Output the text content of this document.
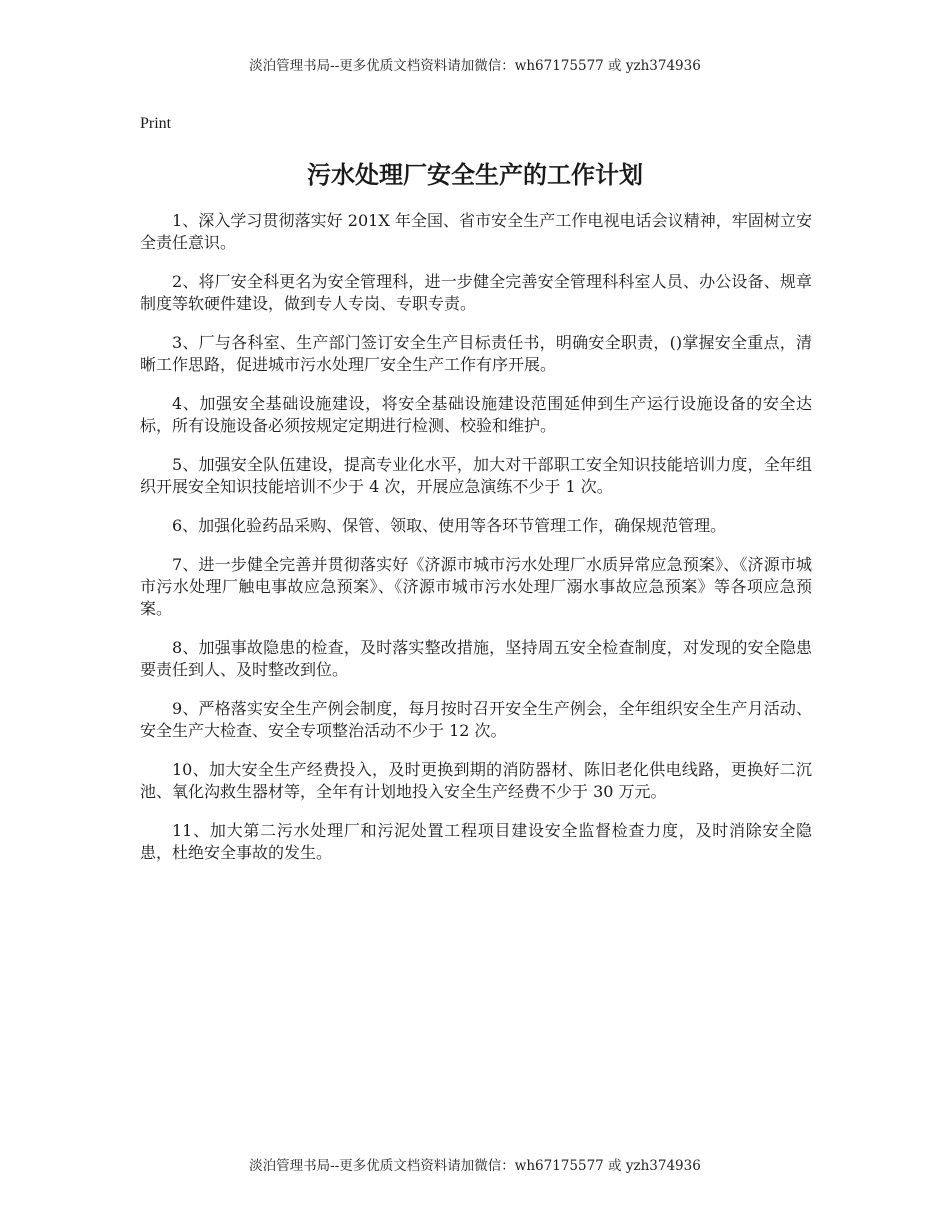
淡泊管理书局--更多优质文档资料请加微信：wh67175577 或 yzh374936
Print
污水处理厂安全生产的工作计划

1、深入学习贯彻落实好 201X 年全国、省市安全生产工作电视电话会议精神，牢固树立安全责任意识。

2、将厂安全科更名为安全管理科，进一步健全完善安全管理科科室人员、办公设备、规章制度等软硬件建设，做到专人专岗、专职专责。

3、厂与各科室、生产部门签订安全生产目标责任书，明确安全职责，()掌握安全重点，清晰工作思路，促进城市污水处理厂安全生产工作有序开展。

4、加强安全基础设施建设，将安全基础设施建设范围延伸到生产运行设施设备的安全达标，所有设施设备必须按规定定期进行检测、校验和维护。

5、加强安全队伍建设，提高专业化水平，加大对干部职工安全知识技能培训力度，全年组织开展安全知识技能培训不少于 4 次，开展应急演练不少于 1 次。

6、加强化验药品采购、保管、领取、使用等各环节管理工作，确保规范管理。

7、进一步健全完善并贯彻落实好《济源市城市污水处理厂水质异常应急预案》、《济源市城市污水处理厂触电事故应急预案》、《济源市城市污水处理厂溺水事故应急预案》等各项应急预案。

8、加强事故隐患的检查，及时落实整改措施，坚持周五安全检查制度，对发现的安全隐患要责任到人、及时整改到位。

9、严格落实安全生产例会制度，每月按时召开安全生产例会，全年组织安全生产月活动、安全生产大检查、安全专项整治活动不少于 12 次。

10、加大安全生产经费投入，及时更换到期的消防器材、陈旧老化供电线路，更换好二沉池、氧化沟救生器材等，全年有计划地投入安全生产经费不少于 30 万元。

11、加大第二污水处理厂和污泥处置工程项目建设安全监督检查力度，及时消除安全隐患，杜绝安全事故的发生。

淡泊管理书局--更多优质文档资料请加微信：wh67175577 或 yzh374936
